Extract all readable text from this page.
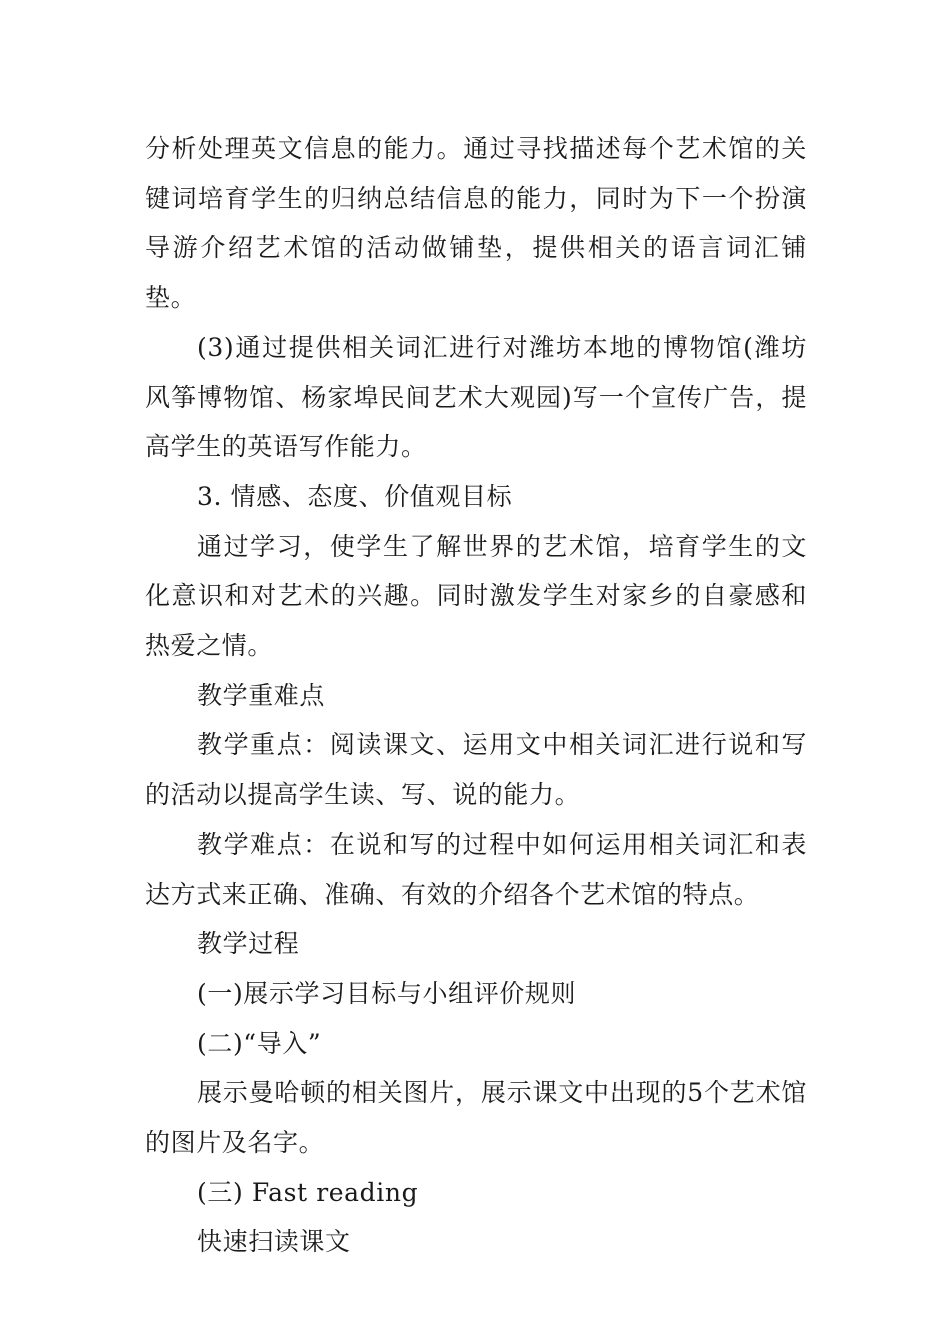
分析处理英文信息的能力。通过寻找描述每个艺术馆的关键词培育学生的归纳总结信息的能力，同时为下一个扮演导游介绍艺术馆的活动做铺垫，提供相关的语言词汇铺垫。

(3)通过提供相关词汇进行对潍坊本地的博物馆(潍坊风筝博物馆、杨家埠民间艺术大观园)写一个宣传广告，提高学生的英语写作能力。

3. 情感、态度、价值观目标

通过学习，使学生了解世界的艺术馆，培育学生的文化意识和对艺术的兴趣。同时激发学生对家乡的自豪感和热爱之情。

教学重难点

教学重点：阅读课文、运用文中相关词汇进行说和写的活动以提高学生读、写、说的能力。

教学难点：在说和写的过程中如何运用相关词汇和表达方式来正确、准确、有效的介绍各个艺术馆的特点。

教学过程

(一)展示学习目标与小组评价规则

(二)“导入”

展示曼哈顿的相关图片，展示课文中出现的5个艺术馆的图片及名字。

(三) Fast reading

快速扫读课文
